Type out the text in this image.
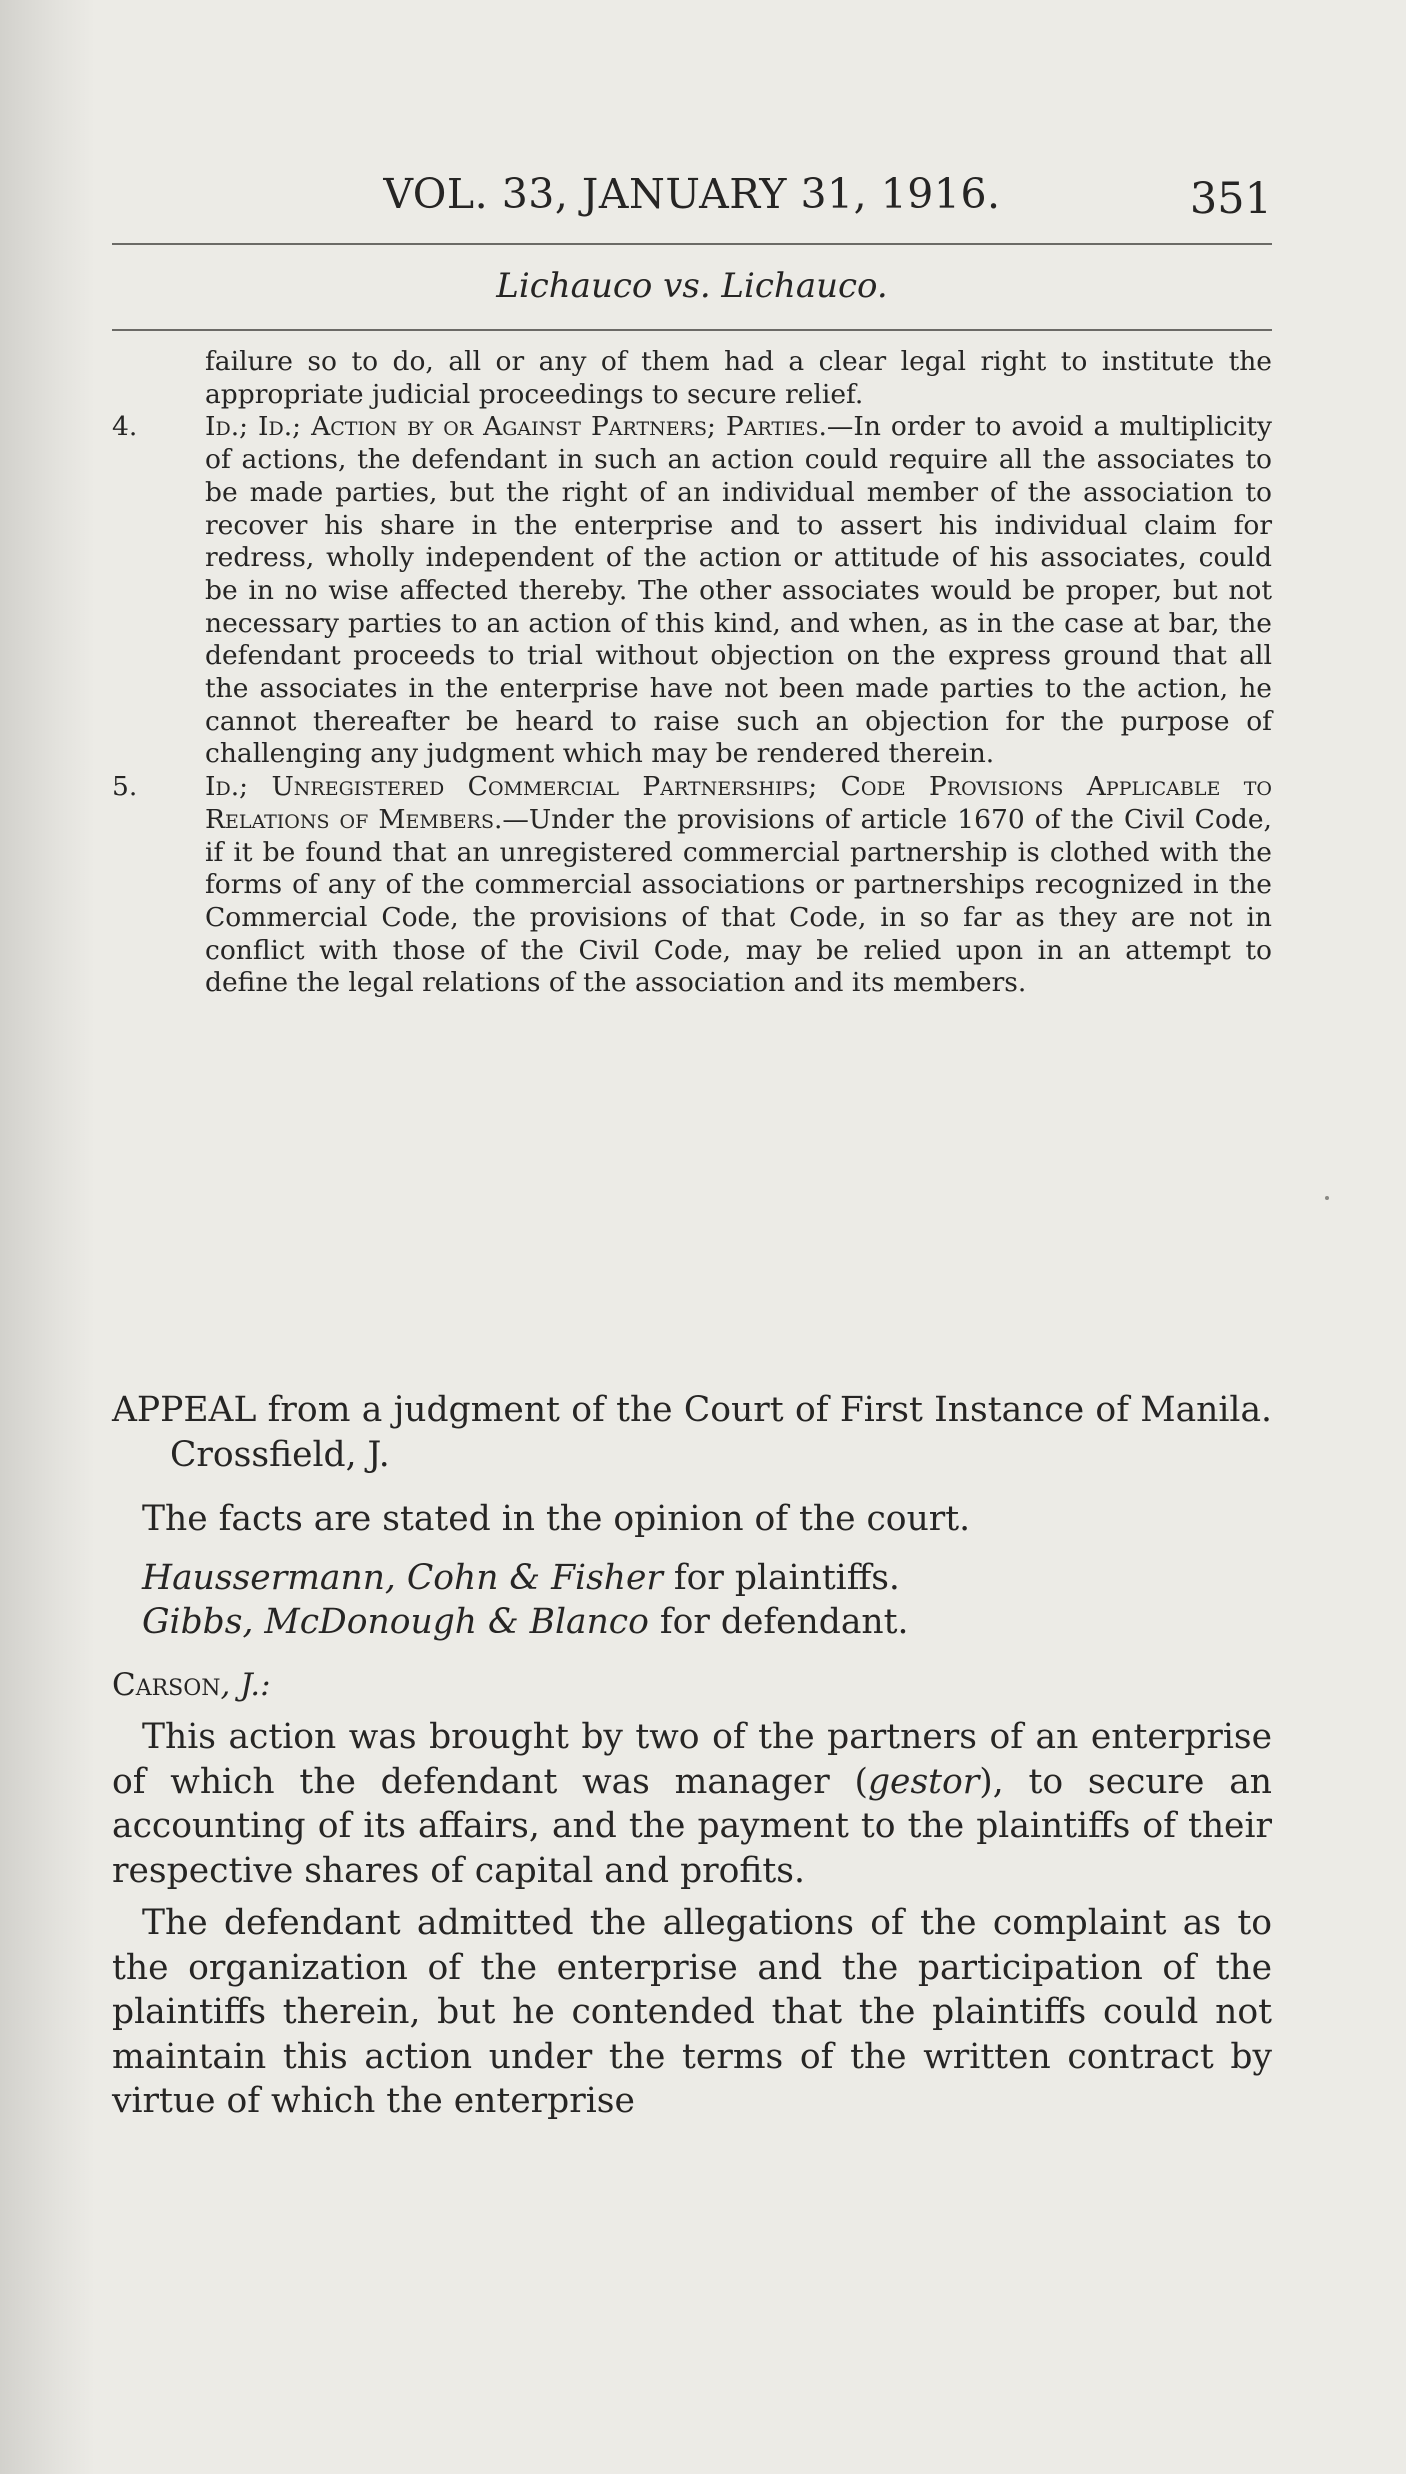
VOL. 33, JANUARY 31, 1916.	351
Lichauco vs. Lichauco.

failure so to do, all or any of them had a clear legal right to institute the appropriate judicial proceedings to secure relief.

4.	Id.; Id.; Action by or Against Partners; Parties.—In order to avoid a multiplicity of actions, the defendant in such an action could require all the associates to be made parties, but the right of an individual member of the association to recover his share in the enterprise and to assert his individual claim for redress, wholly independent of the action or attitude of his associates, could be in no wise affected thereby. The other associates would be proper, but not necessary parties to an action of this kind, and when, as in the case at bar, the defendant proceeds to trial without objection on the express ground that all the associates in the enterprise have not been made parties to the action, he cannot thereafter be heard to raise such an objection for the purpose of challenging any judgment which may be rendered therein.

5.	Id.; Unregistered Commercial Partnerships; Code Provisions Applicable to Relations of Members.—Under the provisions of article 1670 of the Civil Code, if it be found that an unregistered commercial partnership is clothed with the forms of any of the commercial associations or partnerships recognized in the Commercial Code, the provisions of that Code, in so far as they are not in conflict with those of the Civil Code, may be relied upon in an attempt to define the legal relations of the association and its members.

APPEAL from a judgment of the Court of First Instance of Manila. Crossfield, J.

The facts are stated in the opinion of the court.

Haussermann, Cohn & Fisher for plaintiffs.

Gibbs, McDonough & Blanco for defendant.

Carson, J.:

This action was brought by two of the partners of an enterprise of which the defendant was manager (gestor), to secure an accounting of its affairs, and the payment to the plaintiffs of their respective shares of capital and profits.

The defendant admitted the allegations of the complaint as to the organization of the enterprise and the participation of the plaintiffs therein, but he contended that the plaintiffs could not maintain this action under the terms of the written contract by virtue of which the enterprise
